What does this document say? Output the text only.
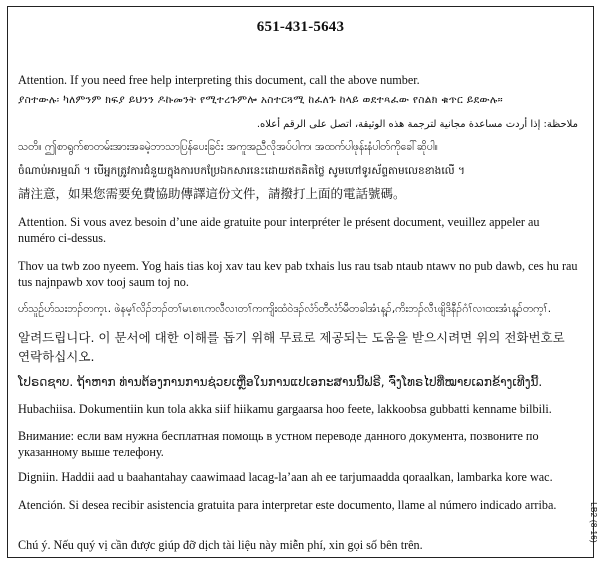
651-431-5643
Attention. If you need free help interpreting this document, call the above number.
ያስተውሉ፡ ካለምንም ክፍያ ይህንን ዶኩመንት የሚተረጉምሎ አስተርጓሚ ከፈለጉ ከላይ ወደተጻፈው የስልክ ቁጥር ይደውሉ።
ملاحظة: إذا أردت مساعدة مجانية لترجمة هذه الوثيقة، اتصل على الرقم أعلاه.
သတိ။ ဤစာရွက်စာတမ်းအားအခမဲ့ဘာသာပြန်ပေးခြင်း အကူအညီလိုအပ်ပါက၊ အထက်ပါဖုန်းနံပါတ်ကိုခေါ်ဆိုပါ။
ចំណាប់អារម្មណ៍ ។ បើអ្នកត្រូវការជំនួយក្នុងការបកប្រែឯកសារនេះដោយឥតគិតថ្លៃ សូមហៅទូរស័ព្ទតាមលេខខាងលើ ។
請注意，如果您需要免費協助傳譯這份文件，請撥打上面的電話號碼。
Attention. Si vous avez besoin d’une aide gratuite pour interpréter le présent document, veuillez appeler au numéro ci-dessus.
Thov ua twb zoo nyeem. Yog hais tias koj xav tau kev pab txhais lus rau tsab ntaub ntawv no pub dawb, ces hu rau tus najnpawb xov tooj saum toj no.
ဟ်သူဉ်ဟ်သးဘၣ်တက့ၤ. ဖဲနမ့ၢ်လိၣ်ဘၣ်တၢ်မၤစၢၤကလီလၢတၢ်ကကျိးထံဝဲဒၣ်လံာ်တီလံာ်မီတခါအံၤန့ၣ်,ကိးဘၣ်လီၤဖျိဒိနီၣ်ဂံၢ်လၢထးအံၤန့ၣ်တက့ၢ်.
알려드립니다. 이 문서에 대한 이해를 돕기 위해 무료로 제공되는 도움을 받으시려면 위의 전화번호로 연락하십시오.
ໂປຣດຊາບ. ຖ້າຫາກ ທ່ານຕ້ອງການການຊ່ວຍເຫຼືອໃນການແປເອກະສານນີ້ຟຣີ, ຈົ່ງໂທຣໄປທີ່ໝາຍເລກຂ້າງເທີງນີ້.
Hubachiisa. Dokumentiin kun tola akka siif hiikamu gargaarsa hoo feete, lakkoobsa gubbatti kenname bilbili.
Внимание: если вам нужна бесплатная помощь в устном переводе данного документа, позвоните по указанному выше телефону.
Digniin. Haddii aad u baahantahay caawimaad lacag-la’aan ah ee tarjumaadda qoraalkan, lambarka kore wac.
Atención. Si desea recibir asistencia gratuita para interpretar este documento, llame al número indicado arriba.
Chú ý. Nếu quý vị cần được giúp đỡ dịch tài liệu này miễn phí, xin gọi số bên trên.
LB2 (8-16)
